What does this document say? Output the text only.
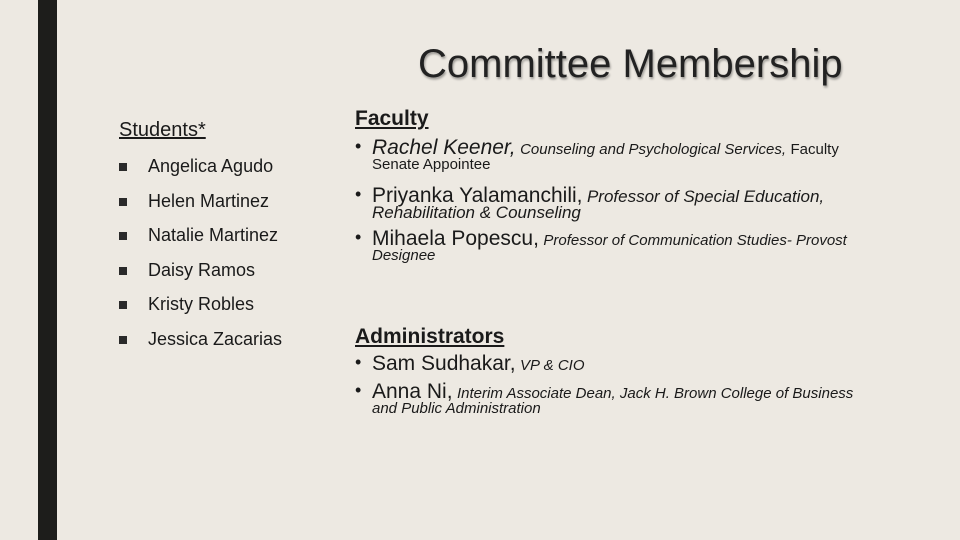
Committee Membership
Students*
Angelica Agudo
Helen Martinez
Natalie Martinez
Daisy Ramos
Kristy Robles
Jessica Zacarias
Faculty
• Rachel Keener, Counseling and Psychological Services, Faculty
Senate Appointee
• Priyanka Yalamanchili, Professor of Special Education,
Rehabilitation & Counseling
• Mihaela Popescu, Professor of Communication Studies- Provost
Designee
Administrators
• Sam Sudhakar, VP & CIO
• Anna Ni, Interim Associate Dean, Jack H. Brown College of Business
and Public Administration
